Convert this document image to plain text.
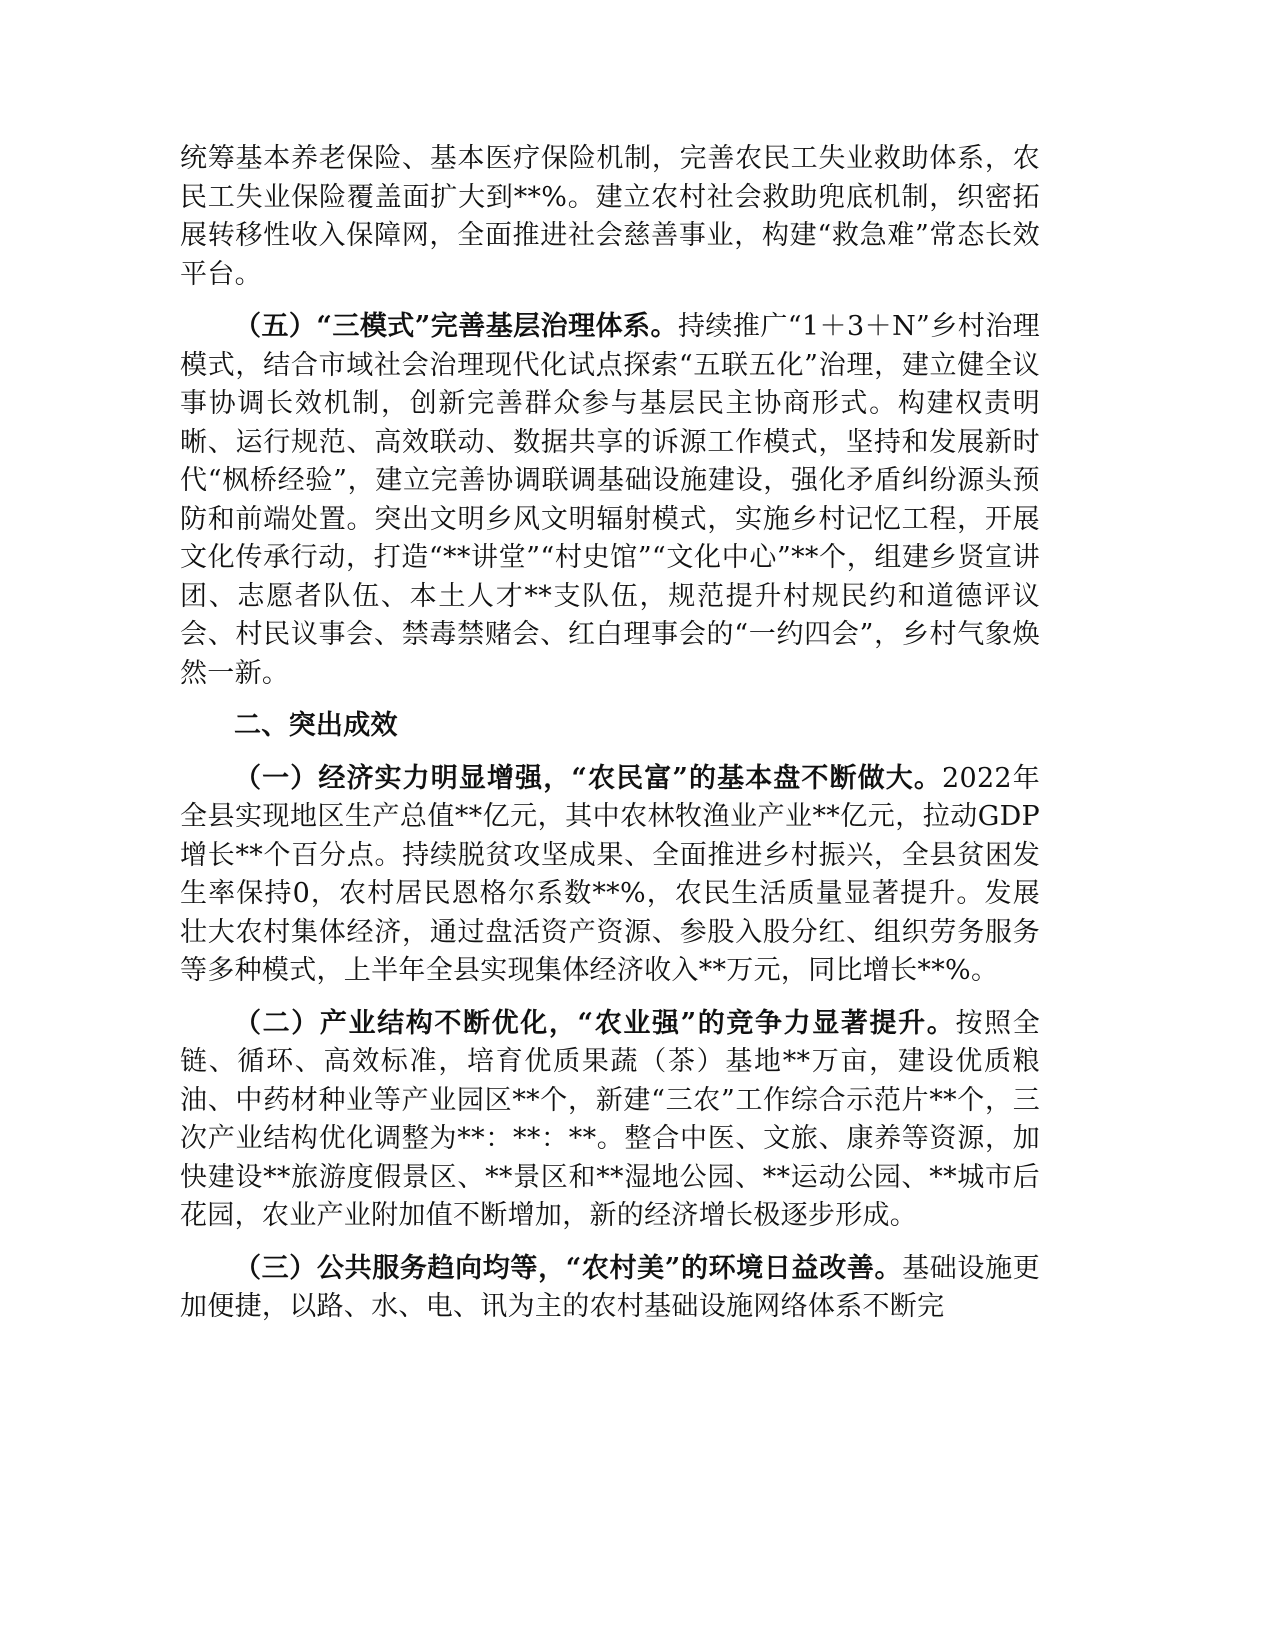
统筹基本养老保险、基本医疗保险机制，完善农民工失业救助体系，农民工失业保险覆盖面扩大到**%。建立农村社会救助兜底机制，织密拓展转移性收入保障网，全面推进社会慈善事业，构建“救急难”常态长效平台。

（五）“三模式”完善基层治理体系。持续推广“1＋3＋N”乡村治理模式，结合市域社会治理现代化试点探索“五联五化”治理，建立健全议事协调长效机制，创新完善群众参与基层民主协商形式。构建权责明晰、运行规范、高效联动、数据共享的诉源工作模式，坚持和发展新时代“枫桥经验”，建立完善协调联调基础设施建设，强化矛盾纠纷源头预防和前端处置。突出文明乡风文明辐射模式，实施乡村记忆工程，开展文化传承行动，打造“**讲堂”“村史馆”“文化中心”**个，组建乡贤宣讲团、志愿者队伍、本土人才**支队伍，规范提升村规民约和道德评议会、村民议事会、禁毒禁赌会、红白理事会的“一约四会”，乡村气象焕然一新。

二、突出成效

（一）经济实力明显增强，“农民富”的基本盘不断做大。2022年全县实现地区生产总值**亿元，其中农林牧渔业产业**亿元，拉动GDP增长**个百分点。持续脱贫攻坚成果、全面推进乡村振兴，全县贫困发生率保持0，农村居民恩格尔系数**%，农民生活质量显著提升。发展壮大农村集体经济，通过盘活资产资源、参股入股分红、组织劳务服务等多种模式，上半年全县实现集体经济收入**万元，同比增长**%。

（二）产业结构不断优化，“农业强”的竞争力显著提升。按照全链、循环、高效标准，培育优质果蔬（茶）基地**万亩，建设优质粮油、中药材种业等产业园区**个，新建“三农”工作综合示范片**个，三次产业结构优化调整为**：**：**。整合中医、文旅、康养等资源，加快建设**旅游度假景区、**景区和**湿地公园、**运动公园、**城市后花园，农业产业附加值不断增加，新的经济增长极逐步形成。

（三）公共服务趋向均等，“农村美”的环境日益改善。基础设施更加便捷，以路、水、电、讯为主的农村基础设施网络体系不断完
